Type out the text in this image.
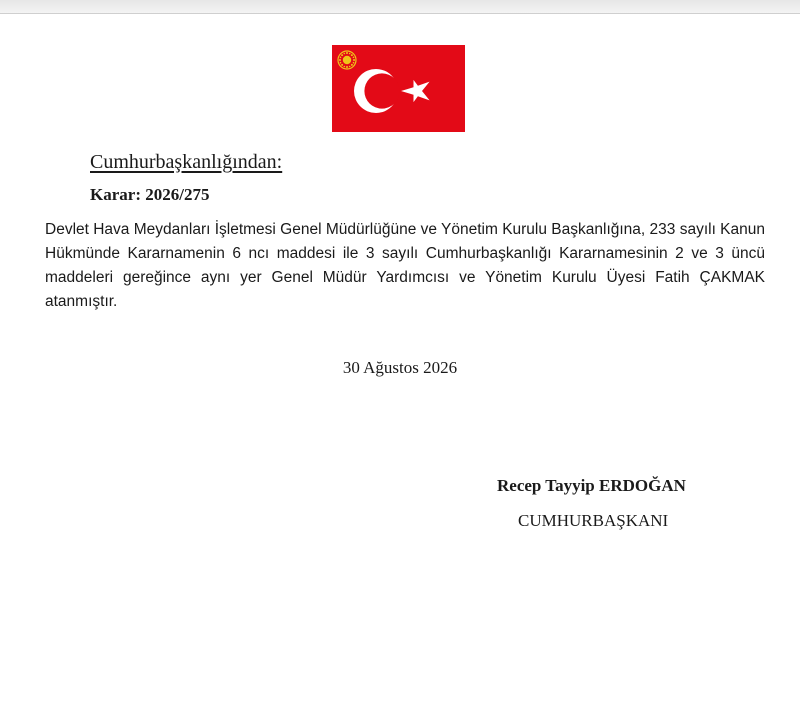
Cumhurbaşkanlığından:
Karar: 2026/275

Devlet Hava Meydanları İşletmesi Genel Müdürlüğüne ve Yönetim Kurulu Başkanlığına, 233 sayılı Kanun Hükmünde Kararnamenin 6 ncı maddesi ile 3 sayılı Cumhurbaşkanlığı Kararnamesinin 2 ve 3 üncü maddeleri gereğince aynı yer Genel Müdür Yardımcısı ve Yönetim Kurulu Üyesi Fatih ÇAKMAK atanmıştır.

30 Ağustos 2026
Recep Tayyip ERDOĞAN
CUMHURBAŞKANI
